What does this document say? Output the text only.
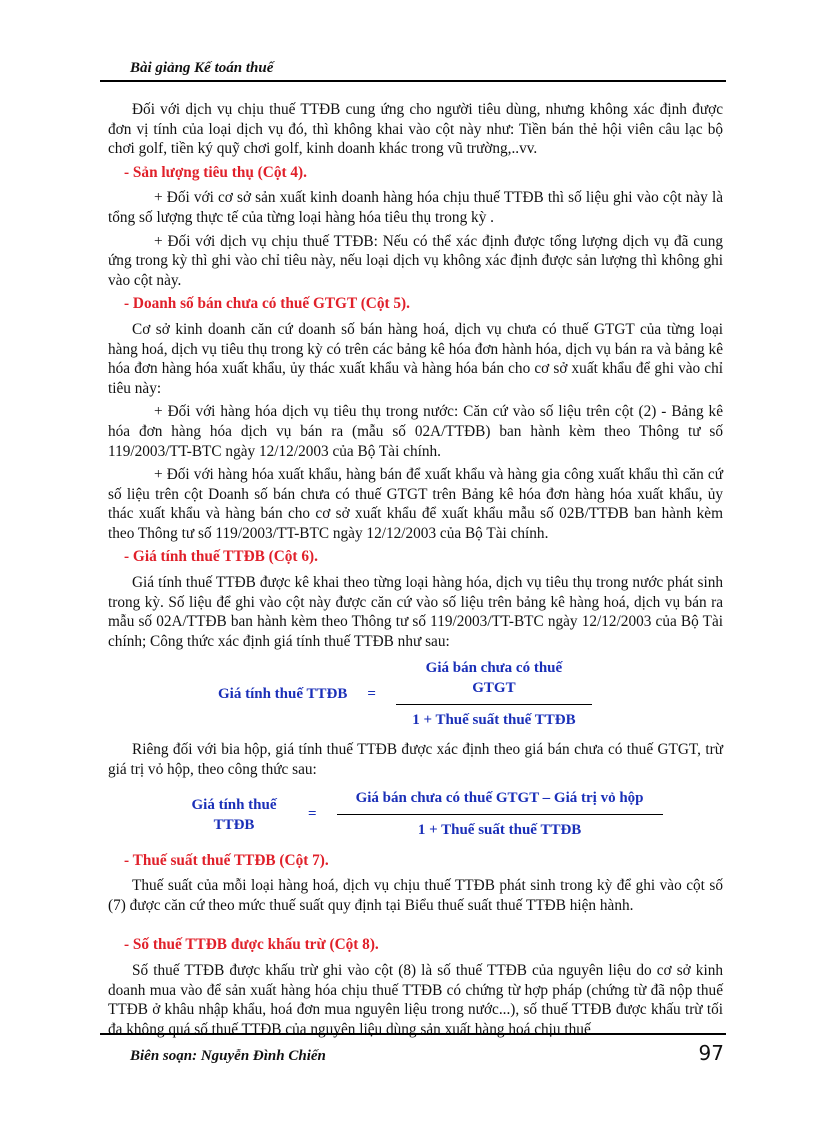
Bài giảng Kế toán thuế

Đối với dịch vụ chịu thuế TTĐB cung ứng cho người tiêu dùng, nhưng không xác định được đơn vị tính của loại dịch vụ đó, thì không khai vào cột này như: Tiền bán thẻ hội viên câu lạc bộ chơi golf, tiền ký quỹ chơi golf, kinh doanh khác trong vũ trường,..vv.

- Sản lượng tiêu thụ (Cột 4).

+ Đối với cơ sở sản xuất kinh doanh hàng hóa chịu thuế TTĐB thì số liệu ghi vào cột này là tổng số lượng thực tế của từng loại hàng hóa tiêu thụ trong kỳ .

+ Đối với dịch vụ chịu thuế TTĐB: Nếu có thể xác định được tổng lượng dịch vụ đã cung ứng trong kỳ thì ghi vào chỉ tiêu này, nếu loại dịch vụ không xác định được sản lượng thì không ghi vào cột này.

- Doanh số bán chưa có thuế GTGT (Cột 5).

Cơ sở kinh doanh căn cứ doanh số bán hàng hoá, dịch vụ chưa có thuế GTGT của từng loại hàng hoá, dịch vụ tiêu thụ trong kỳ có trên các bảng kê hóa đơn hành hóa, dịch vụ bán ra và bảng kê hóa đơn hàng hóa xuất khẩu, ủy thác xuất khẩu và hàng hóa bán cho cơ sở xuất khẩu để ghi vào chỉ tiêu này:

+ Đối với hàng hóa dịch vụ tiêu thụ trong nước: Căn cứ vào số liệu trên cột (2) - Bảng kê hóa đơn hàng hóa dịch vụ bán ra (mẫu số 02A/TTĐB) ban hành kèm theo Thông tư số 119/2003/TT-BTC ngày 12/12/2003 của Bộ Tài chính.

+ Đối với hàng hóa xuất khẩu, hàng bán để xuất khẩu và hàng gia công xuất khẩu thì căn cứ số liệu trên cột Doanh số bán chưa có thuế GTGT trên Bảng kê hóa đơn hàng hóa xuất khẩu, ủy thác xuất khẩu và hàng bán cho cơ sở xuất khẩu để xuất khẩu mẫu số 02B/TTĐB ban hành kèm theo Thông tư số 119/2003/TT-BTC ngày 12/12/2003 của Bộ Tài chính.

- Giá tính thuế TTĐB (Cột 6).

Giá tính thuế TTĐB được kê khai theo từng loại hàng hóa, dịch vụ tiêu thụ trong nước phát sinh trong kỳ. Số liệu để ghi vào cột này được căn cứ vào số liệu trên bảng kê hàng hoá, dịch vụ bán ra mẫu số 02A/TTĐB ban hành kèm theo Thông tư số 119/2003/TT-BTC ngày 12/12/2003 của Bộ Tài chính; Công thức xác định giá tính thuế TTĐB như sau:

Giá tính thuế TTĐB = $\frac{\text{Giá bán chưa có thuế GTGT}}{\text{1 + Thuế suất thuế TTĐB}}$

Riêng đối với bia hộp, giá tính thuế TTĐB được xác định theo giá bán chưa có thuế GTGT, trừ giá trị vỏ hộp, theo công thức sau:

Giá tính thuế TTĐB
= $\frac{\text{Giá bán chưa có thuế GTGT – Giá trị vỏ hộp}}{\text{1 + Thuế suất thuế TTĐB}}$

- Thuế suất thuế TTĐB (Cột 7).

Thuế suất của mỗi loại hàng hoá, dịch vụ chịu thuế TTĐB phát sinh trong kỳ để ghi vào cột số (7) được căn cứ theo mức thuế suất quy định tại Biểu thuế suất thuế TTĐB hiện hành.

- Số thuế TTĐB được khấu trừ (Cột 8).

Số thuế TTĐB được khấu trừ ghi vào cột (8) là số thuế TTĐB của nguyên liệu do cơ sở kinh doanh mua vào để sản xuất hàng hóa chịu thuế TTĐB có chứng từ hợp pháp (chứng từ đã nộp thuế TTĐB ở khâu nhập khẩu, hoá đơn mua nguyên liệu trong nước...), số thuế TTĐB được khấu trừ tối đa không quá số thuế TTĐB của nguyên liệu dùng sản xuất hàng hoá chịu thuế

Biên soạn: Nguyễn Đình Chiến	97
